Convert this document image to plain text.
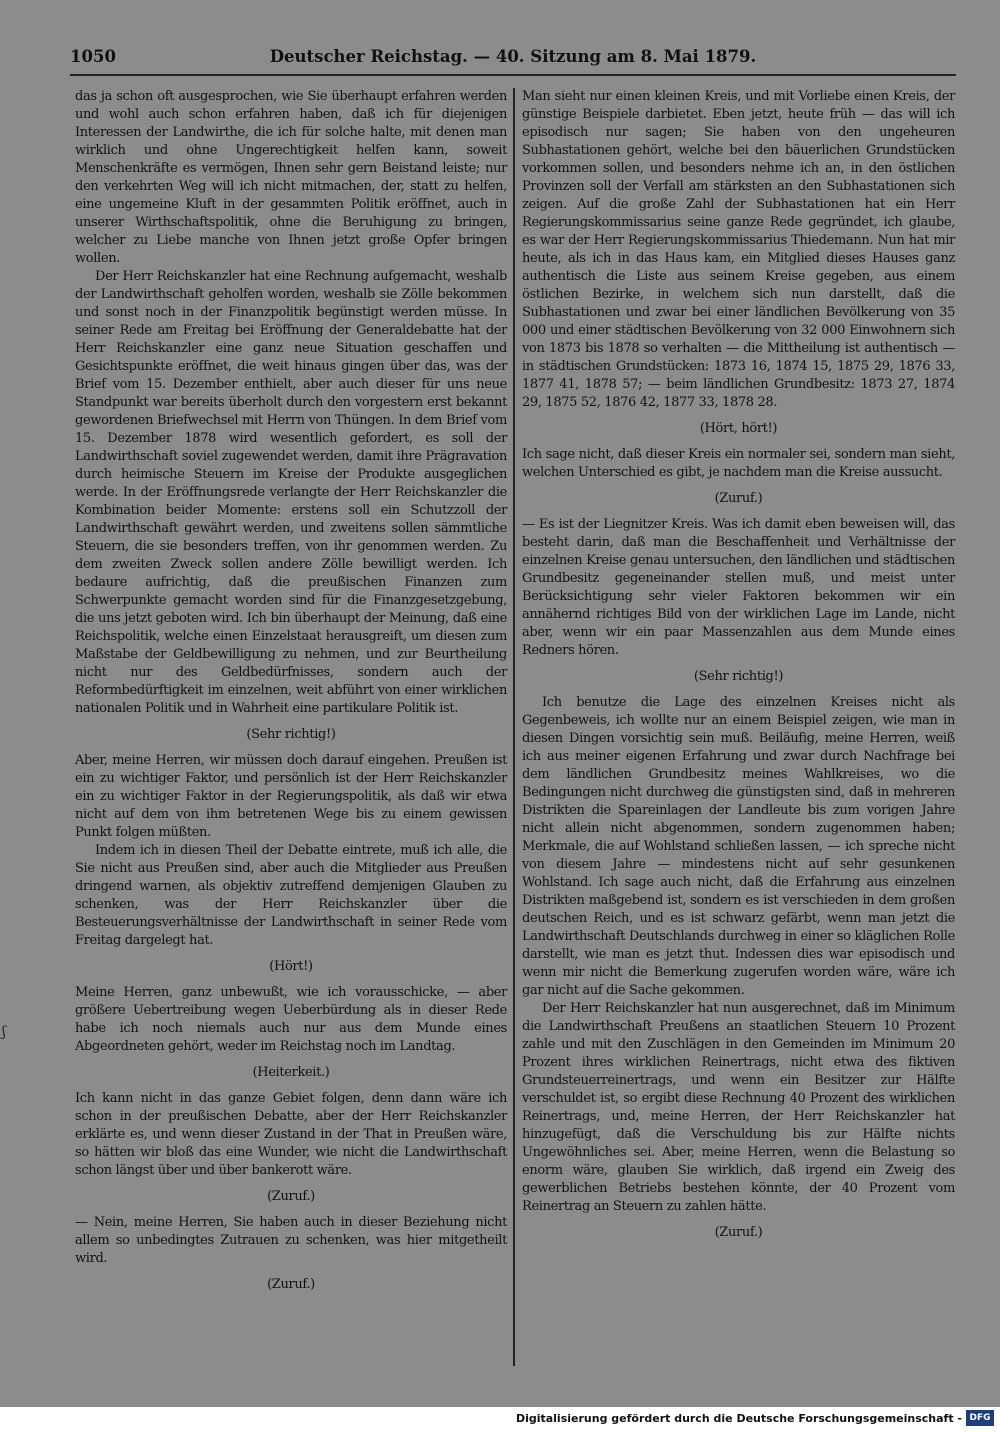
1050	Deutscher Reichstag. — 40. Sitzung am 8. Mai 1879.
ʃ

das ja schon oft ausgesprochen, wie Sie überhaupt erfahren werden und wohl auch schon erfahren haben, daß ich für diejenigen Interessen der Landwirthe, die ich für solche halte, mit denen man wirklich und ohne Ungerechtigkeit helfen kann, soweit Menschenkräfte es vermögen, Ihnen sehr gern Beistand leiste; nur den verkehrten Weg will ich nicht mitmachen, der, statt zu helfen, eine ungemeine Kluft in der gesammten Politik eröffnet, auch in unserer Wirthschaftspolitik, ohne die Beruhigung zu bringen, welcher zu Liebe manche von Ihnen jetzt große Opfer bringen wollen.

Der Herr Reichskanzler hat eine Rechnung aufgemacht, weshalb der Landwirthschaft geholfen worden, weshalb sie Zölle bekommen und sonst noch in der Finanzpolitik begünstigt werden müsse. In seiner Rede am Freitag bei Eröffnung der Generaldebatte hat der Herr Reichskanzler eine ganz neue Situation geschaffen und Gesichtspunkte eröffnet, die weit hinaus gingen über das, was der Brief vom 15. Dezember enthielt, aber auch dieser für uns neue Standpunkt war bereits überholt durch den vorgestern erst bekannt gewordenen Briefwechsel mit Herrn von Thüngen. In dem Brief vom 15. Dezember 1878 wird wesentlich gefordert, es soll der Landwirthschaft soviel zugewendet werden, damit ihre Prägravation durch heimische Steuern im Kreise der Produkte ausgeglichen werde. In der Eröffnungsrede verlangte der Herr Reichskanzler die Kombination beider Momente: erstens soll ein Schutzzoll der Landwirthschaft gewährt werden, und zweitens sollen sämmtliche Steuern, die sie besonders treffen, von ihr genommen werden. Zu dem zweiten Zweck sollen andere Zölle bewilligt werden. Ich bedaure aufrichtig, daß die preußischen Finanzen zum Schwerpunkte gemacht worden sind für die Finanzgesetzgebung, die uns jetzt geboten wird. Ich bin überhaupt der Meinung, daß eine Reichspolitik, welche einen Einzelstaat herausgreift, um diesen zum Maßstabe der Geldbewilligung zu nehmen, und zur Beurtheilung nicht nur des Geldbedürfnisses, sondern auch der Reformbedürftigkeit im einzelnen, weit abführt von einer wirklichen nationalen Politik und in Wahrheit eine partikulare Politik ist.

(Sehr richtig!)

Aber, meine Herren, wir müssen doch darauf eingehen. Preußen ist ein zu wichtiger Faktor, und persönlich ist der Herr Reichskanzler ein zu wichtiger Faktor in der Regierungspolitik, als daß wir etwa nicht auf dem von ihm betretenen Wege bis zu einem gewissen Punkt folgen müßten.

Indem ich in diesen Theil der Debatte eintrete, muß ich alle, die Sie nicht aus Preußen sind, aber auch die Mitglieder aus Preußen dringend warnen, als objektiv zutreffend demjenigen Glauben zu schenken, was der Herr Reichskanzler über die Besteuerungsverhältnisse der Landwirthschaft in seiner Rede vom Freitag dargelegt hat.

(Hört!)

Meine Herren, ganz unbewußt, wie ich vorausschicke, — aber größere Uebertreibung wegen Ueberbürdung als in dieser Rede habe ich noch niemals auch nur aus dem Munde eines Abgeordneten gehört, weder im Reichstag noch im Landtag.

(Heiterkeit.)

Ich kann nicht in das ganze Gebiet folgen, denn dann wäre ich schon in der preußischen Debatte, aber der Herr Reichskanzler erklärte es, und wenn dieser Zustand in der That in Preußen wäre, so hätten wir bloß das eine Wunder, wie nicht die Landwirthschaft schon längst über und über bankerott wäre.

(Zuruf.)

— Nein, meine Herren, Sie haben auch in dieser Beziehung nicht allem so unbedingtes Zutrauen zu schenken, was hier mitgetheilt wird.

(Zuruf.)

Man sieht nur einen kleinen Kreis, und mit Vorliebe einen Kreis, der günstige Beispiele darbietet. Eben jetzt, heute früh — das will ich episodisch nur sagen; Sie haben von den ungeheuren Subhastationen gehört, welche bei den bäuerlichen Grundstücken vorkommen sollen, und besonders nehme ich an, in den östlichen Provinzen soll der Verfall am stärksten an den Subhastationen sich zeigen. Auf die große Zahl der Subhastationen hat ein Herr Regierungskommissarius seine ganze Rede gegründet, ich glaube, es war der Herr Regierungskommissarius Thiedemann. Nun hat mir heute, als ich in das Haus kam, ein Mitglied dieses Hauses ganz authentisch die Liste aus seinem Kreise gegeben, aus einem östlichen Bezirke, in welchem sich nun darstellt, daß die Subhastationen und zwar bei einer ländlichen Bevölkerung von 35 000 und einer städtischen Bevölkerung von 32 000 Einwohnern sich von 1873 bis 1878 so verhalten — die Mittheilung ist authentisch — in städtischen Grundstücken: 1873 16, 1874 15, 1875 29, 1876 33, 1877 41, 1878 57; — beim ländlichen Grundbesitz: 1873 27, 1874 29, 1875 52, 1876 42, 1877 33, 1878 28.

(Hört, hört!)

Ich sage nicht, daß dieser Kreis ein normaler sei, sondern man sieht, welchen Unterschied es gibt, je nachdem man die Kreise aussucht.

(Zuruf.)

— Es ist der Liegnitzer Kreis. Was ich damit eben beweisen will, das besteht darin, daß man die Beschaffenheit und Verhältnisse der einzelnen Kreise genau untersuchen, den ländlichen und städtischen Grundbesitz gegeneinander stellen muß, und meist unter Berücksichtigung sehr vieler Faktoren bekommen wir ein annähernd richtiges Bild von der wirklichen Lage im Lande, nicht aber, wenn wir ein paar Massenzahlen aus dem Munde eines Redners hören.

(Sehr richtig!)

Ich benutze die Lage des einzelnen Kreises nicht als Gegenbeweis, ich wollte nur an einem Beispiel zeigen, wie man in diesen Dingen vorsichtig sein muß. Beiläufig, meine Herren, weiß ich aus meiner eigenen Erfahrung und zwar durch Nachfrage bei dem ländlichen Grundbesitz meines Wahlkreises, wo die Bedingungen nicht durchweg die günstigsten sind, daß in mehreren Distrikten die Spareinlagen der Landleute bis zum vorigen Jahre nicht allein nicht abgenommen, sondern zugenommen haben; Merkmale, die auf Wohlstand schließen lassen, — ich spreche nicht von diesem Jahre — mindestens nicht auf sehr gesunkenen Wohlstand. Ich sage auch nicht, daß die Erfahrung aus einzelnen Distrikten maßgebend ist, sondern es ist verschieden in dem großen deutschen Reich, und es ist schwarz gefärbt, wenn man jetzt die Landwirthschaft Deutschlands durchweg in einer so kläglichen Rolle darstellt, wie man es jetzt thut. Indessen dies war episodisch und wenn mir nicht die Bemerkung zugerufen worden wäre, wäre ich gar nicht auf die Sache gekommen.

Der Herr Reichskanzler hat nun ausgerechnet, daß im Minimum die Landwirthschaft Preußens an staatlichen Steuern 10 Prozent zahle und mit den Zuschlägen in den Gemeinden im Minimum 20 Prozent ihres wirklichen Reinertrags, nicht etwa des fiktiven Grundsteuerreinertrags, und wenn ein Besitzer zur Hälfte verschuldet ist, so ergibt diese Rechnung 40 Prozent des wirklichen Reinertrags, und, meine Herren, der Herr Reichskanzler hat hinzugefügt, daß die Verschuldung bis zur Hälfte nichts Ungewöhnliches sei. Aber, meine Herren, wenn die Belastung so enorm wäre, glauben Sie wirklich, daß irgend ein Zweig des gewerblichen Betriebs bestehen könnte, der 40 Prozent vom Reinertrag an Steuern zu zahlen hätte.

(Zuruf.)

Digitalisierung gefördert durch die Deutsche Forschungsgemeinschaft - DFG
